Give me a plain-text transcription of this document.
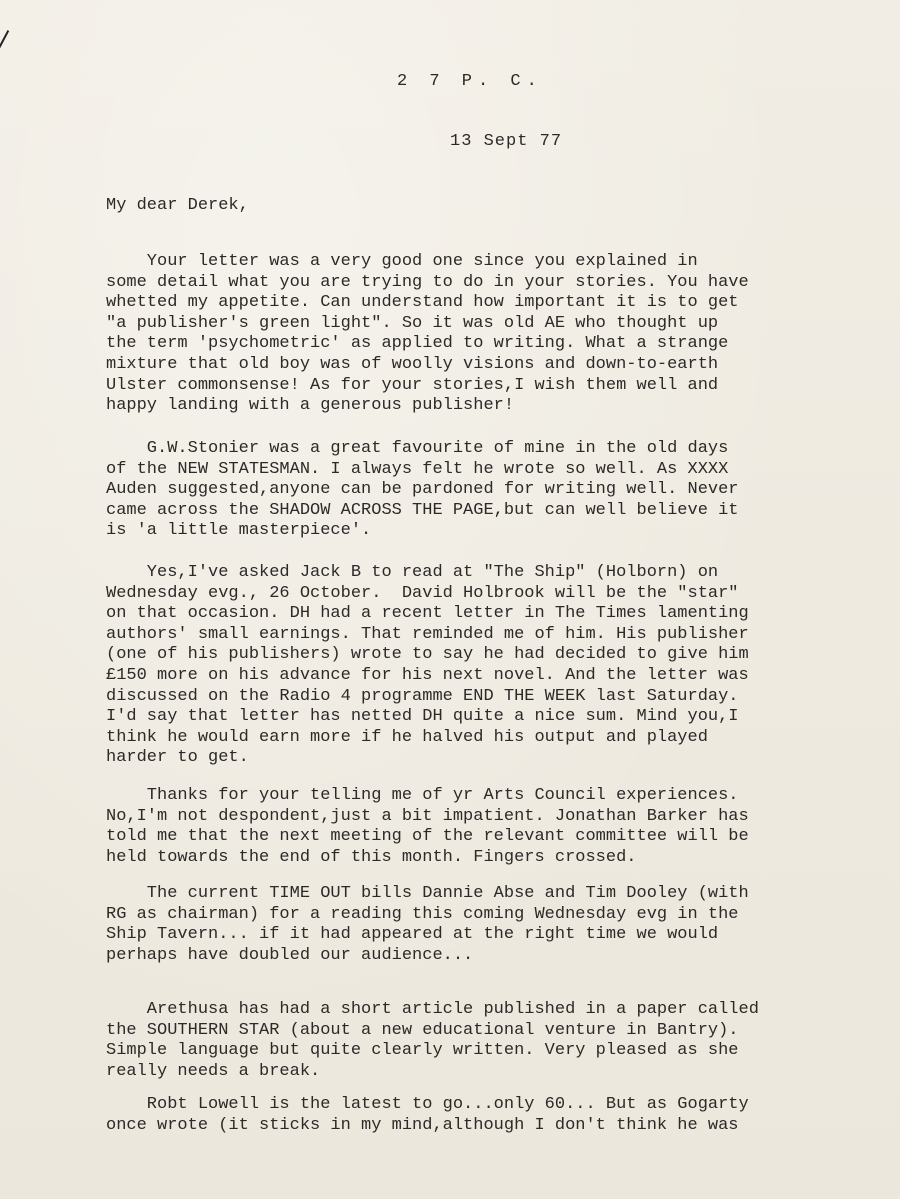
2 7 P. C.
13 Sept 77
My dear Derek,
Your letter was a very good one since you explained in
some detail what you are trying to do in your stories. You have
whetted my appetite. Can understand how important it is to get
"a publisher's green light". So it was old AE who thought up
the term 'psychometric' as applied to writing. What a strange
mixture that old boy was of woolly visions and down-to-earth
Ulster commonsense! As for your stories,I wish them well and
happy landing with a generous publisher!
G.W.Stonier was a great favourite of mine in the old days
of the NEW STATESMAN. I always felt he wrote so well. As XXXX
Auden suggested,anyone can be pardoned for writing well. Never
came across the SHADOW ACROSS THE PAGE,but can well believe it
is 'a little masterpiece'.
Yes,I've asked Jack B to read at "The Ship" (Holborn) on
Wednesday evg., 26 October.  David Holbrook will be the "star"
on that occasion. DH had a recent letter in The Times lamenting
authors' small earnings. That reminded me of him. His publisher
(one of his publishers) wrote to say he had decided to give him
£150 more on his advance for his next novel. And the letter was
discussed on the Radio 4 programme END THE WEEK last Saturday.
I'd say that letter has netted DH quite a nice sum. Mind you,I
think he would earn more if he halved his output and played
harder to get.
Thanks for your telling me of yr Arts Council experiences.
No,I'm not despondent,just a bit impatient. Jonathan Barker has
told me that the next meeting of the relevant committee will be
held towards the end of this month. Fingers crossed.
The current TIME OUT bills Dannie Abse and Tim Dooley (with
RG as chairman) for a reading this coming Wednesday evg in the
Ship Tavern... if it had appeared at the right time we would
perhaps have doubled our audience...
Arethusa has had a short article published in a paper called
the SOUTHERN STAR (about a new educational venture in Bantry).
Simple language but quite clearly written. Very pleased as she
really needs a break.
Robt Lowell is the latest to go...only 60... But as Gogarty
once wrote (it sticks in my mind,although I don't think he was
